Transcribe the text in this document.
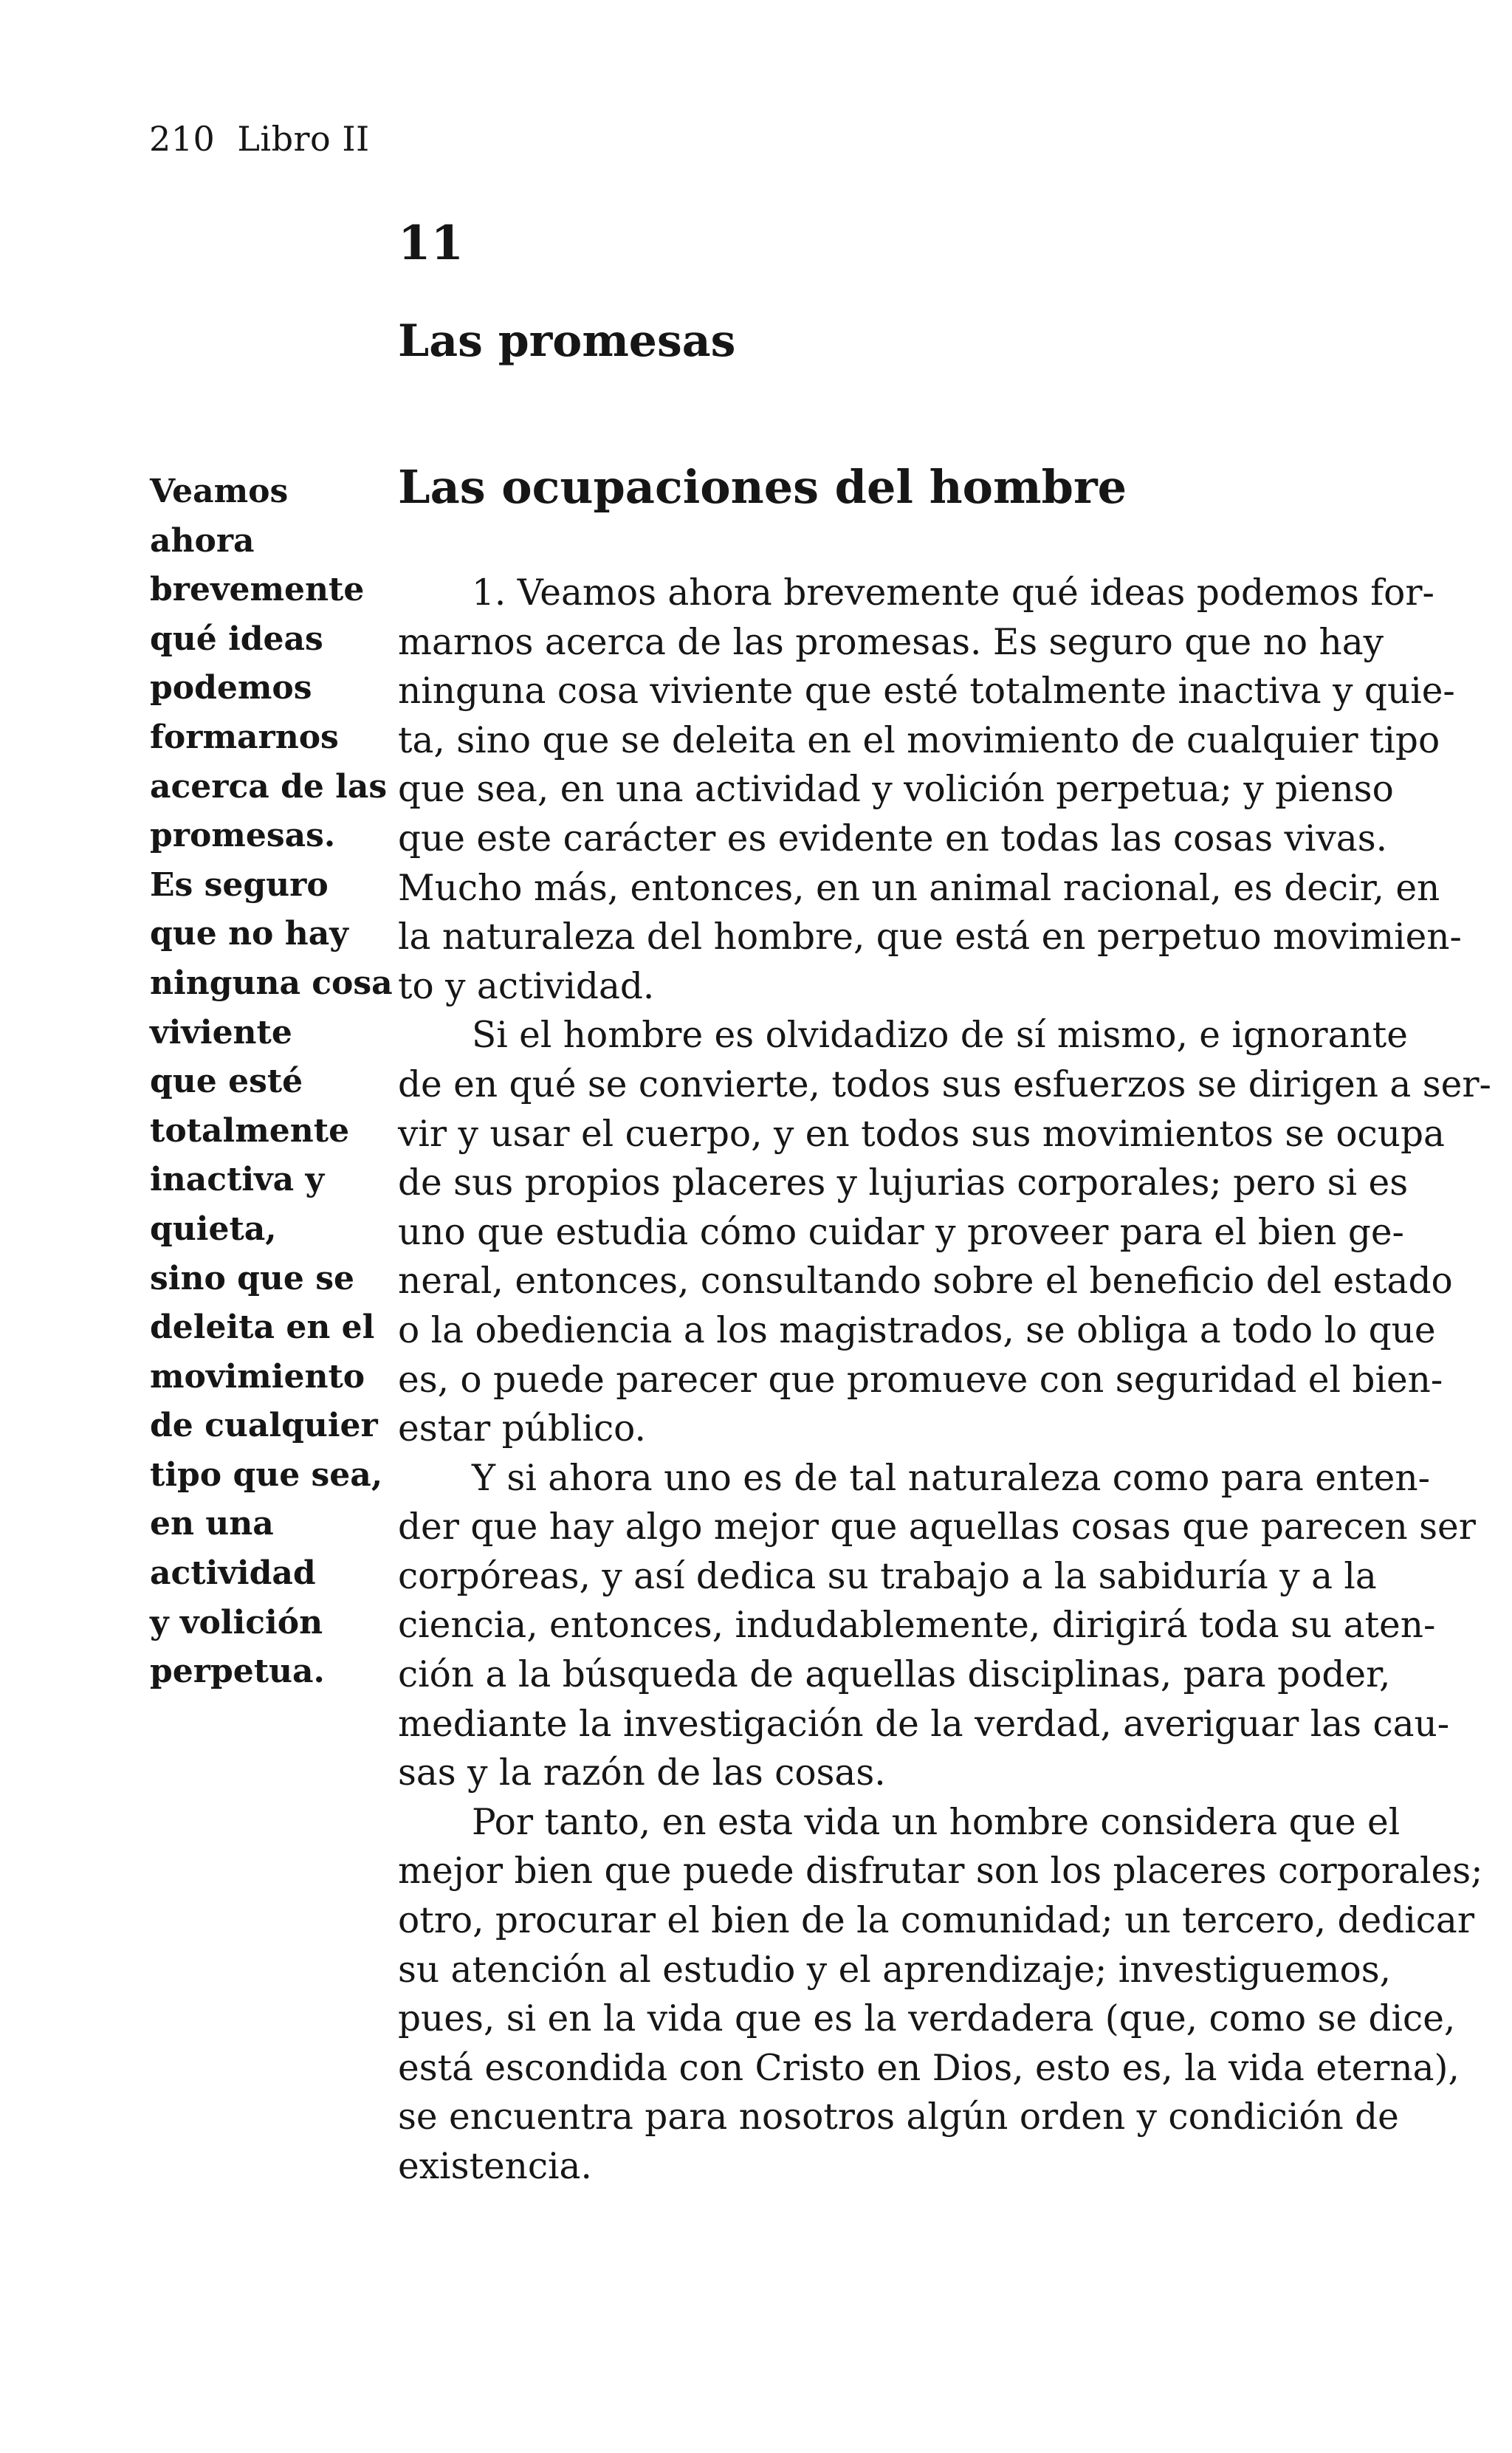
210 Libro II
11
Las promesas
Las ocupaciones del hombre
Veamos
ahora
brevemente
qué ideas
podemos
formarnos
acerca de las
promesas.
Es seguro
que no hay
ninguna cosa
viviente
que esté
totalmente
inactiva y
quieta,
sino que se
deleita en el
movimiento
de cualquier
tipo que sea,
en una
actividad
y volición
perpetua.
1. Veamos ahora brevemente qué ideas podemos for-
marnos acerca de las promesas. Es seguro que no hay
ninguna cosa viviente que esté totalmente inactiva y quie-
ta, sino que se deleita en el movimiento de cualquier tipo
que sea, en una actividad y volición perpetua; y pienso
que este carácter es evidente en todas las cosas vivas.
Mucho más, entonces, en un animal racional, es decir, en
la naturaleza del hombre, que está en perpetuo movimien-
to y actividad.
Si el hombre es olvidadizo de sí mismo, e ignorante
de en qué se convierte, todos sus esfuerzos se dirigen a ser-
vir y usar el cuerpo, y en todos sus movimientos se ocupa
de sus propios placeres y lujurias corporales; pero si es
uno que estudia cómo cuidar y proveer para el bien ge-
neral, entonces, consultando sobre el beneficio del estado
o la obediencia a los magistrados, se obliga a todo lo que
es, o puede parecer que promueve con seguridad el bien-
estar público.
Y si ahora uno es de tal naturaleza como para enten-
der que hay algo mejor que aquellas cosas que parecen ser
corpóreas, y así dedica su trabajo a la sabiduría y a la
ciencia, entonces, indudablemente, dirigirá toda su aten-
ción a la búsqueda de aquellas disciplinas, para poder,
mediante la investigación de la verdad, averiguar las cau-
sas y la razón de las cosas.
Por tanto, en esta vida un hombre considera que el
mejor bien que puede disfrutar son los placeres corporales;
otro, procurar el bien de la comunidad; un tercero, dedicar
su atención al estudio y el aprendizaje; investiguemos,
pues, si en la vida que es la verdadera (que, como se dice,
está escondida con Cristo en Dios, esto es, la vida eterna),
se encuentra para nosotros algún orden y condición de
existencia.
